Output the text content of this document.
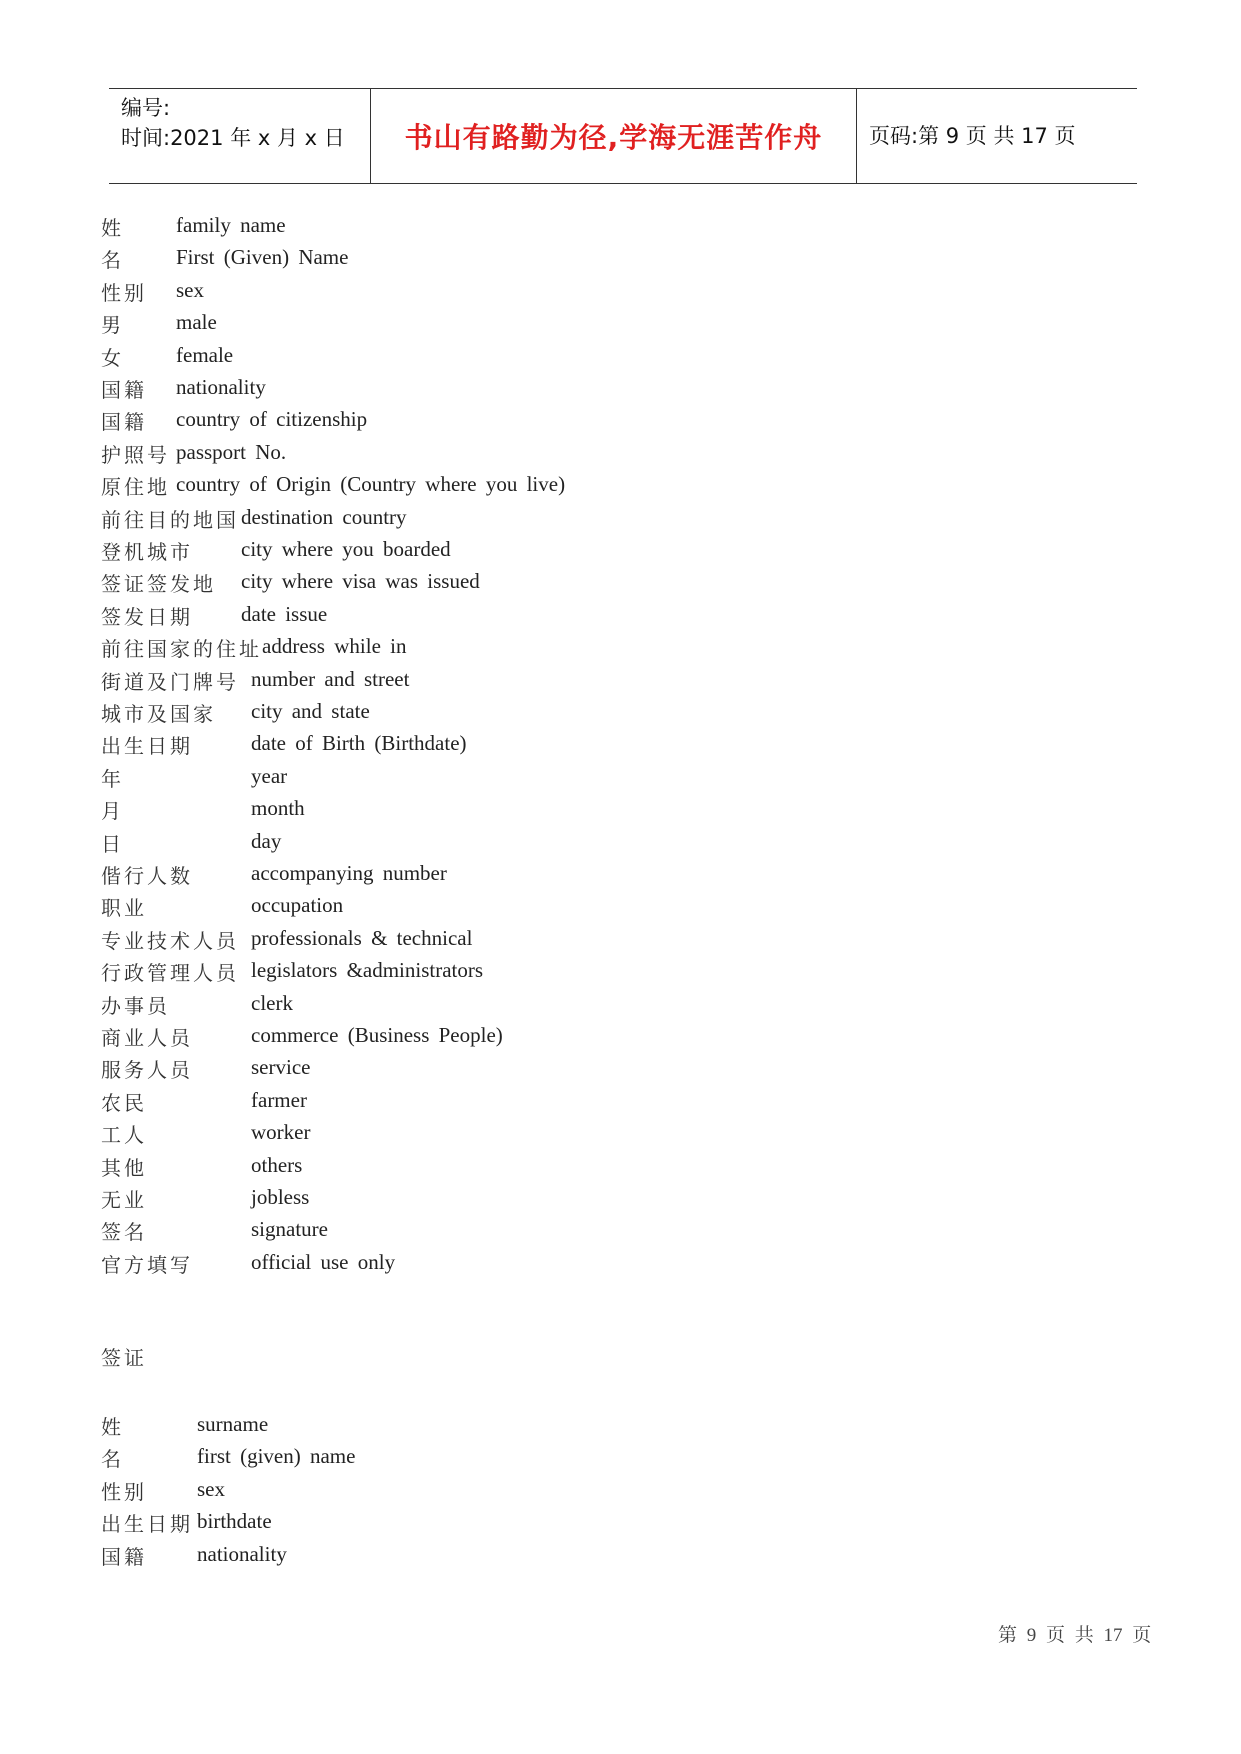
编号:
时间:2021 年 x 月 x 日	书山有路勤为径,学海无涯苦作舟 页码:第 9 页 共 17 页
姓 family name
名 First (Given) Name
性别 sex
男 male
女 female
国籍 nationality
国籍 country of citizenship
护照号 passport No.
原住地 country of Origin (Country where you live)
前往目的地国 destination country
登机城市 city where you boarded
签证签发地 city where visa was issued
签发日期 date issue
前往国家的住址 address while in
街道及门牌号 number and street
城市及国家 city and state
出生日期	date of Birth (Birthdate)
年	year
月	month
日	day
偕行人数	accompanying number
职业	occupation
专业技术人员 professionals & technical
行政管理人员 legislators &administrators
办事员	clerk
商业人员	commerce (Business People)
服务人员	service
农民	farmer
工人	worker
其他	others
无业	jobless
签名	signature
官方填写	official use only
签证
姓	surname
名	first (given) name
性别 sex
出生日期 birthdate
国籍 nationality
第 9 页 共 17 页
